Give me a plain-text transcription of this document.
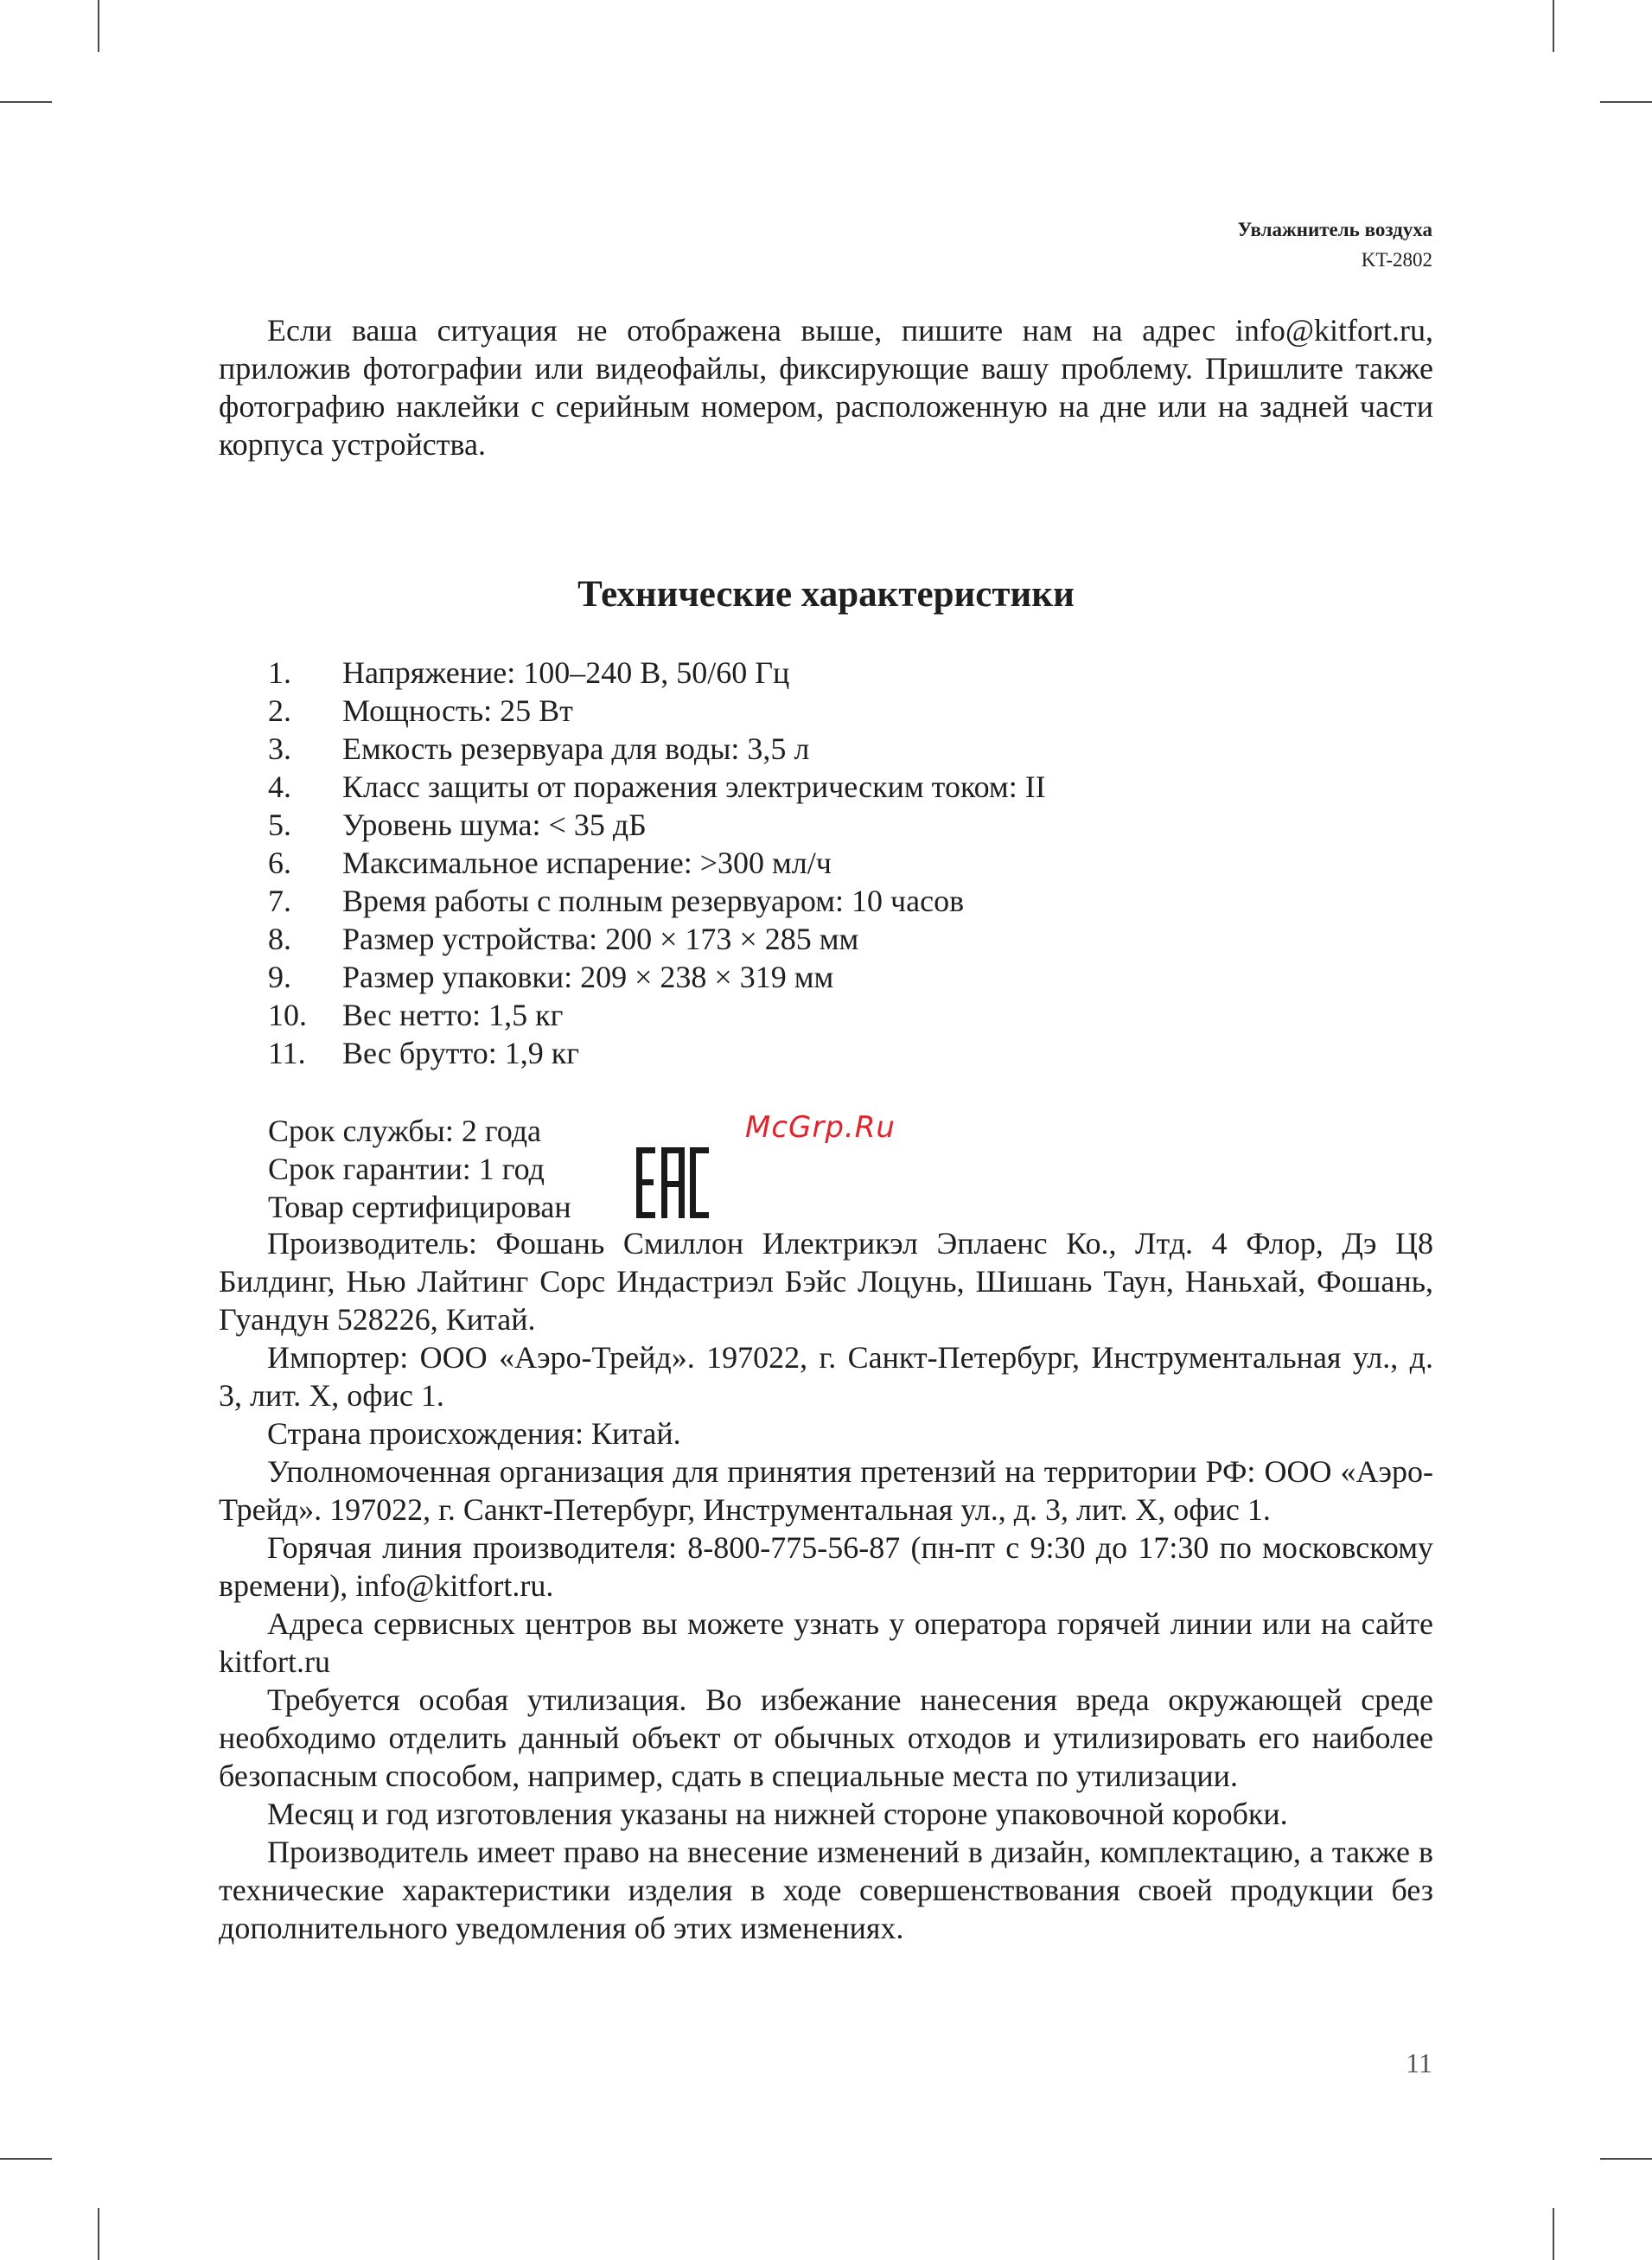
Увлажнитель воздуха
KT-2802

Если ваша ситуация не отображена выше, пишите нам на адрес info@kitfort.ru, приложив фотографии или видеофайлы, фиксирующие вашу проблему. Пришлите также фотографию наклейки с серийным номером, расположенную на дне или на задней части корпуса устройства.

Технические характеристики
1.	Напряжение: 100–240 В, 50/60 Гц
2.	Мощность: 25 Вт
3.	Емкость резервуара для воды: 3,5 л
4.	Класс защиты от поражения электрическим током: II
5.	Уровень шума: < 35 дБ
6.	Максимальное испарение: >300 мл/ч
7.	Время работы с полным резервуаром: 10 часов
8.	Размер устройства: 200 × 173 × 285 мм
9.	Размер упаковки: 209 × 238 × 319 мм
10.	Вес нетто: 1,5 кг
11.	Вес брутто: 1,9 кг
Срок службы: 2 года
Срок гарантии: 1 год
Товар сертифицирован
McGrp.Ru

Производитель: Фошань Смиллон Илектрикэл Эплаенс Ко., Лтд. 4 Флор, Дэ Ц8 Билдинг, Нью Лайтинг Сорс Индастриэл Бэйс Лоцунь, Шишань Таун, Наньхай, Фошань, Гуандун 528226, Китай.

Импортер: ООО «Аэро-Трейд». 197022, г. Санкт-Петербург, Инструментальная ул., д. 3, лит. Х, офис 1.

Страна происхождения: Китай.

Уполномоченная организация для принятия претензий на территории РФ: ООО «Аэро-Трейд». 197022, г. Санкт-Петербург, Инструментальная ул., д. 3, лит. Х, офис 1.

Горячая линия производителя: 8-800-775-56-87 (пн-пт с 9:30 до 17:30 по московскому времени), info@kitfort.ru.

Адреса сервисных центров вы можете узнать у оператора горячей линии или на сайте kitfort.ru

Требуется особая утилизация. Во избежание нанесения вреда окружающей среде необходимо отделить данный объект от обычных отходов и утилизировать его наиболее безопасным способом, например, сдать в специальные места по утилизации.

Месяц и год изготовления указаны на нижней стороне упаковочной коробки.

Производитель имеет право на внесение изменений в дизайн, комплектацию, а также в технические характеристики изделия в ходе совершенствования своей продукции без дополнительного уведомления об этих изменениях.

11
